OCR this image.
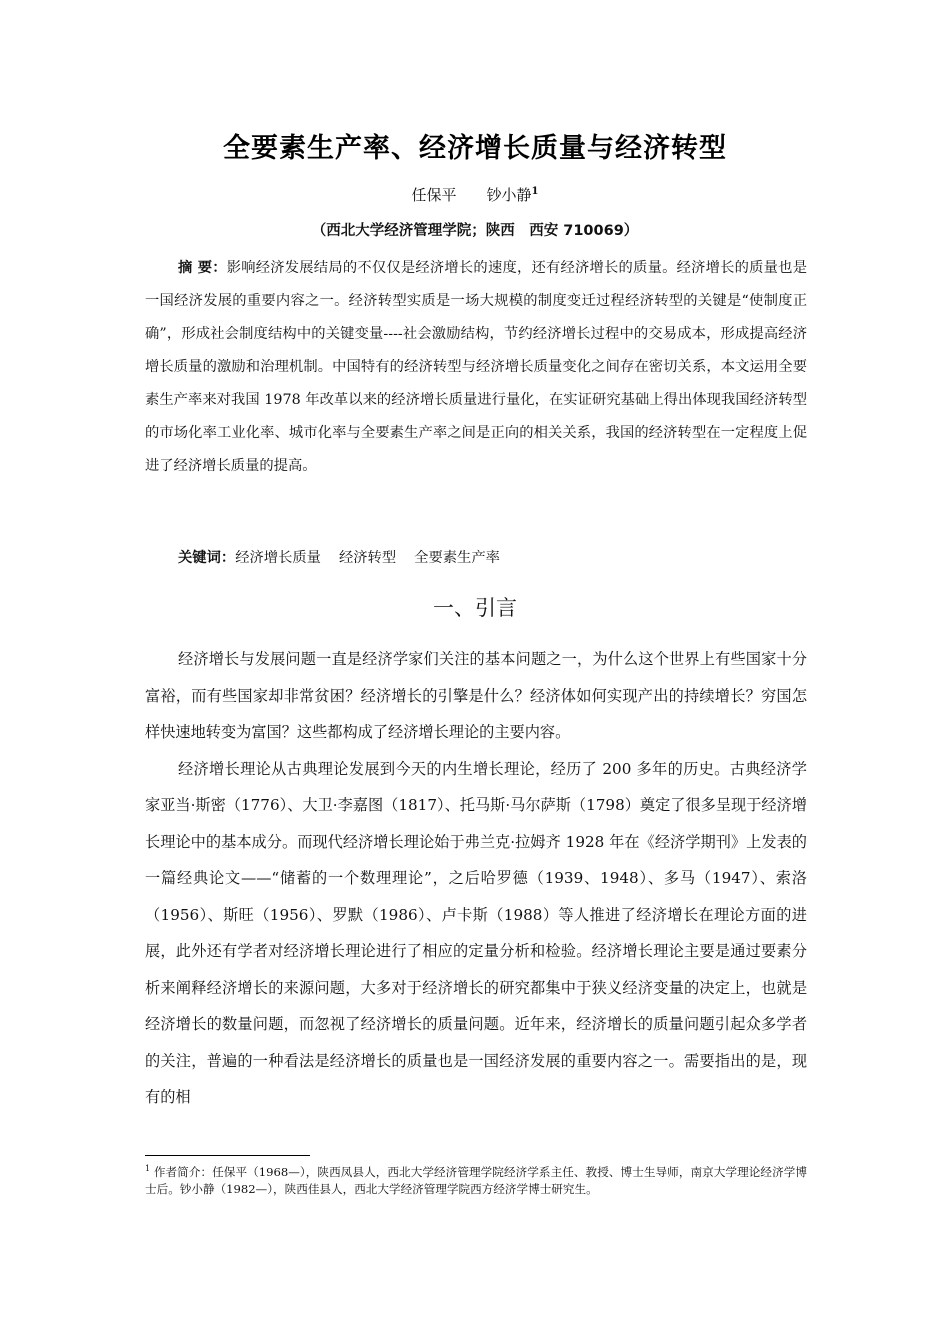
全要素生产率、经济增长质量与经济转型
任保平 钞小静$^1$
（西北大学经济管理学院；陕西　西安 710069）
摘 要：影响经济发展结局的不仅仅是经济增长的速度，还有经济增长的质量。经济增长的质量也是一国经济发展的重要内容之一。经济转型实质是一场大规模的制度变迁过程经济转型的关键是“使制度正确”，形成社会制度结构中的关键变量----社会激励结构，节约经济增长过程中的交易成本，形成提高经济增长质量的激励和治理机制。中国特有的经济转型与经济增长质量变化之间存在密切关系，本文运用全要素生产率来对我国 1978 年改革以来的经济增长质量进行量化，在实证研究基础上得出体现我国经济转型的市场化率工业化率、城市化率与全要素生产率之间是正向的相关关系，我国的经济转型在一定程度上促进了经济增长质量的提高。
关键词：经济增长质量 经济转型 全要素生产率
一、引言

经济增长与发展问题一直是经济学家们关注的基本问题之一，为什么这个世界上有些国家十分富裕，而有些国家却非常贫困？经济增长的引擎是什么？经济体如何实现产出的持续增长？穷国怎样快速地转变为富国？这些都构成了经济增长理论的主要内容。

经济增长理论从古典理论发展到今天的内生增长理论，经历了 200 多年的历史。古典经济学家亚当·斯密（1776）、大卫·李嘉图（1817）、托马斯·马尔萨斯（1798）奠定了很多呈现于经济增长理论中的基本成分。而现代经济增长理论始于弗兰克·拉姆齐 1928 年在《经济学期刊》上发表的一篇经典论文——“储蓄的一个数理理论”，之后哈罗德（1939、1948）、多马（1947）、索洛（1956）、斯旺（1956）、罗默（1986）、卢卡斯（1988）等人推进了经济增长在理论方面的进展，此外还有学者对经济增长理论进行了相应的定量分析和检验。经济增长理论主要是通过要素分析来阐释经济增长的来源问题，大多对于经济增长的研究都集中于狭义经济变量的决定上，也就是经济增长的数量问题，而忽视了经济增长的质量问题。近年来，经济增长的质量问题引起众多学者的关注，普遍的一种看法是经济增长的质量也是一国经济发展的重要内容之一。需要指出的是，现有的相

$^1$ 作者简介：任保平（1968—），陕西凤县人，西北大学经济管理学院经济学系主任、教授、博士生导师，南京大学理论经济学博士后。钞小静（1982—），陕西佳县人，西北大学经济管理学院西方经济学博士研究生。
